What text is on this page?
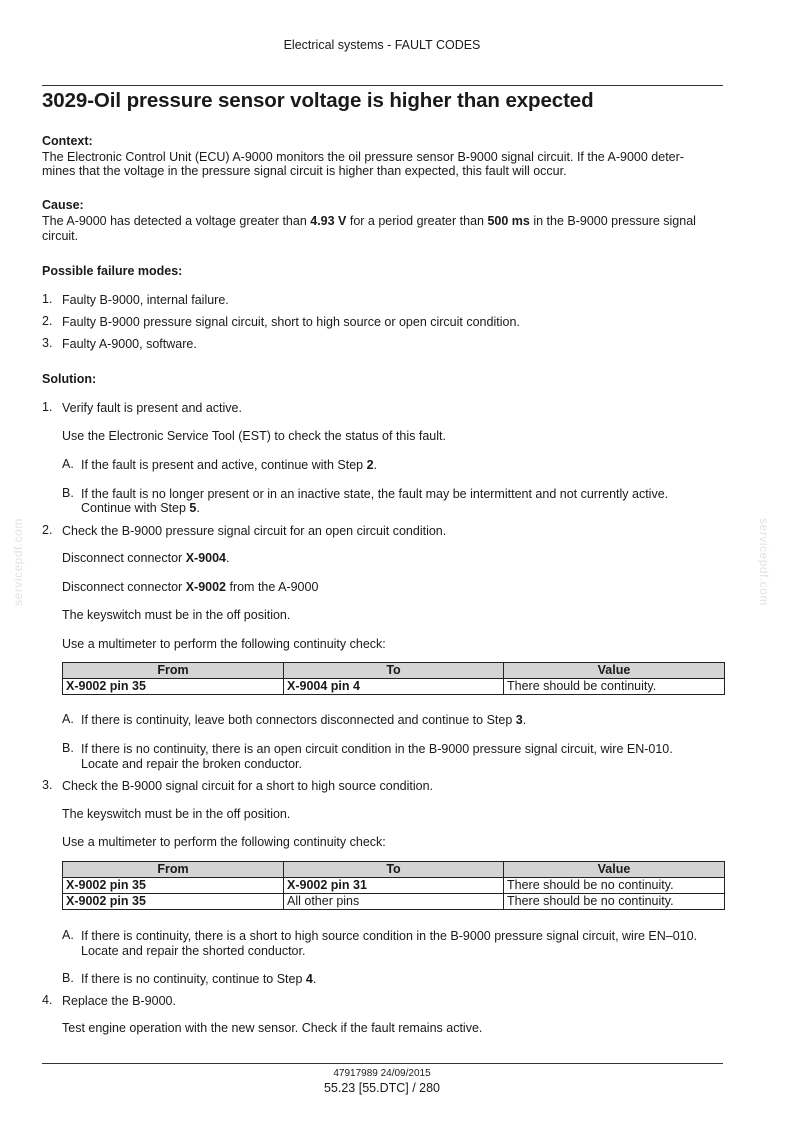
Electrical systems - FAULT CODES
3029-Oil pressure sensor voltage is higher than expected
Context:
The Electronic Control Unit (ECU) A-9000 monitors the oil pressure sensor B-9000 signal circuit. If the A-9000 deter-
mines that the voltage in the pressure signal circuit is higher than expected, this fault will occur.
Cause:
The A-9000 has detected a voltage greater than 4.93 V for a period greater than 500 ms in the B-9000 pressure signal
circuit.
Possible failure modes:
1. Faulty B-9000, internal failure.
2. Faulty B-9000 pressure signal circuit, short to high source or open circuit condition.
3. Faulty A-9000, software.
Solution:
1. Verify fault is present and active.
Use the Electronic Service Tool (EST) to check the status of this fault.
A. If the fault is present and active, continue with Step 2.
B. If the fault is no longer present or in an inactive state, the fault may be intermittent and not currently active.
Continue with Step 5.
2. Check the B-9000 pressure signal circuit for an open circuit condition.
Disconnect connector X-9004.
Disconnect connector X-9002 from the A-9000
The keyswitch must be in the off position.
Use a multimeter to perform the following continuity check:
From	To	Value
X-9002 pin 35	X-9004 pin 4	There should be continuity.
A. If there is continuity, leave both connectors disconnected and continue to Step 3.
B. If there is no continuity, there is an open circuit condition in the B-9000 pressure signal circuit, wire EN-010.
Locate and repair the broken conductor.
3. Check the B-9000 signal circuit for a short to high source condition.
The keyswitch must be in the off position.
Use a multimeter to perform the following continuity check:
From	To	Value
X-9002 pin 35	X-9002 pin 31	There should be no continuity.
X-9002 pin 35	All other pins	There should be no continuity.
A. If there is continuity, there is a short to high source condition in the B-9000 pressure signal circuit, wire EN–010.
Locate and repair the shorted conductor.
B. If there is no continuity, continue to Step 4.
4. Replace the B-9000.
Test engine operation with the new sensor. Check if the fault remains active.
servicepdf.com	servicepdf.com
47917989 24/09/2015
55.23 [55.DTC] / 280
